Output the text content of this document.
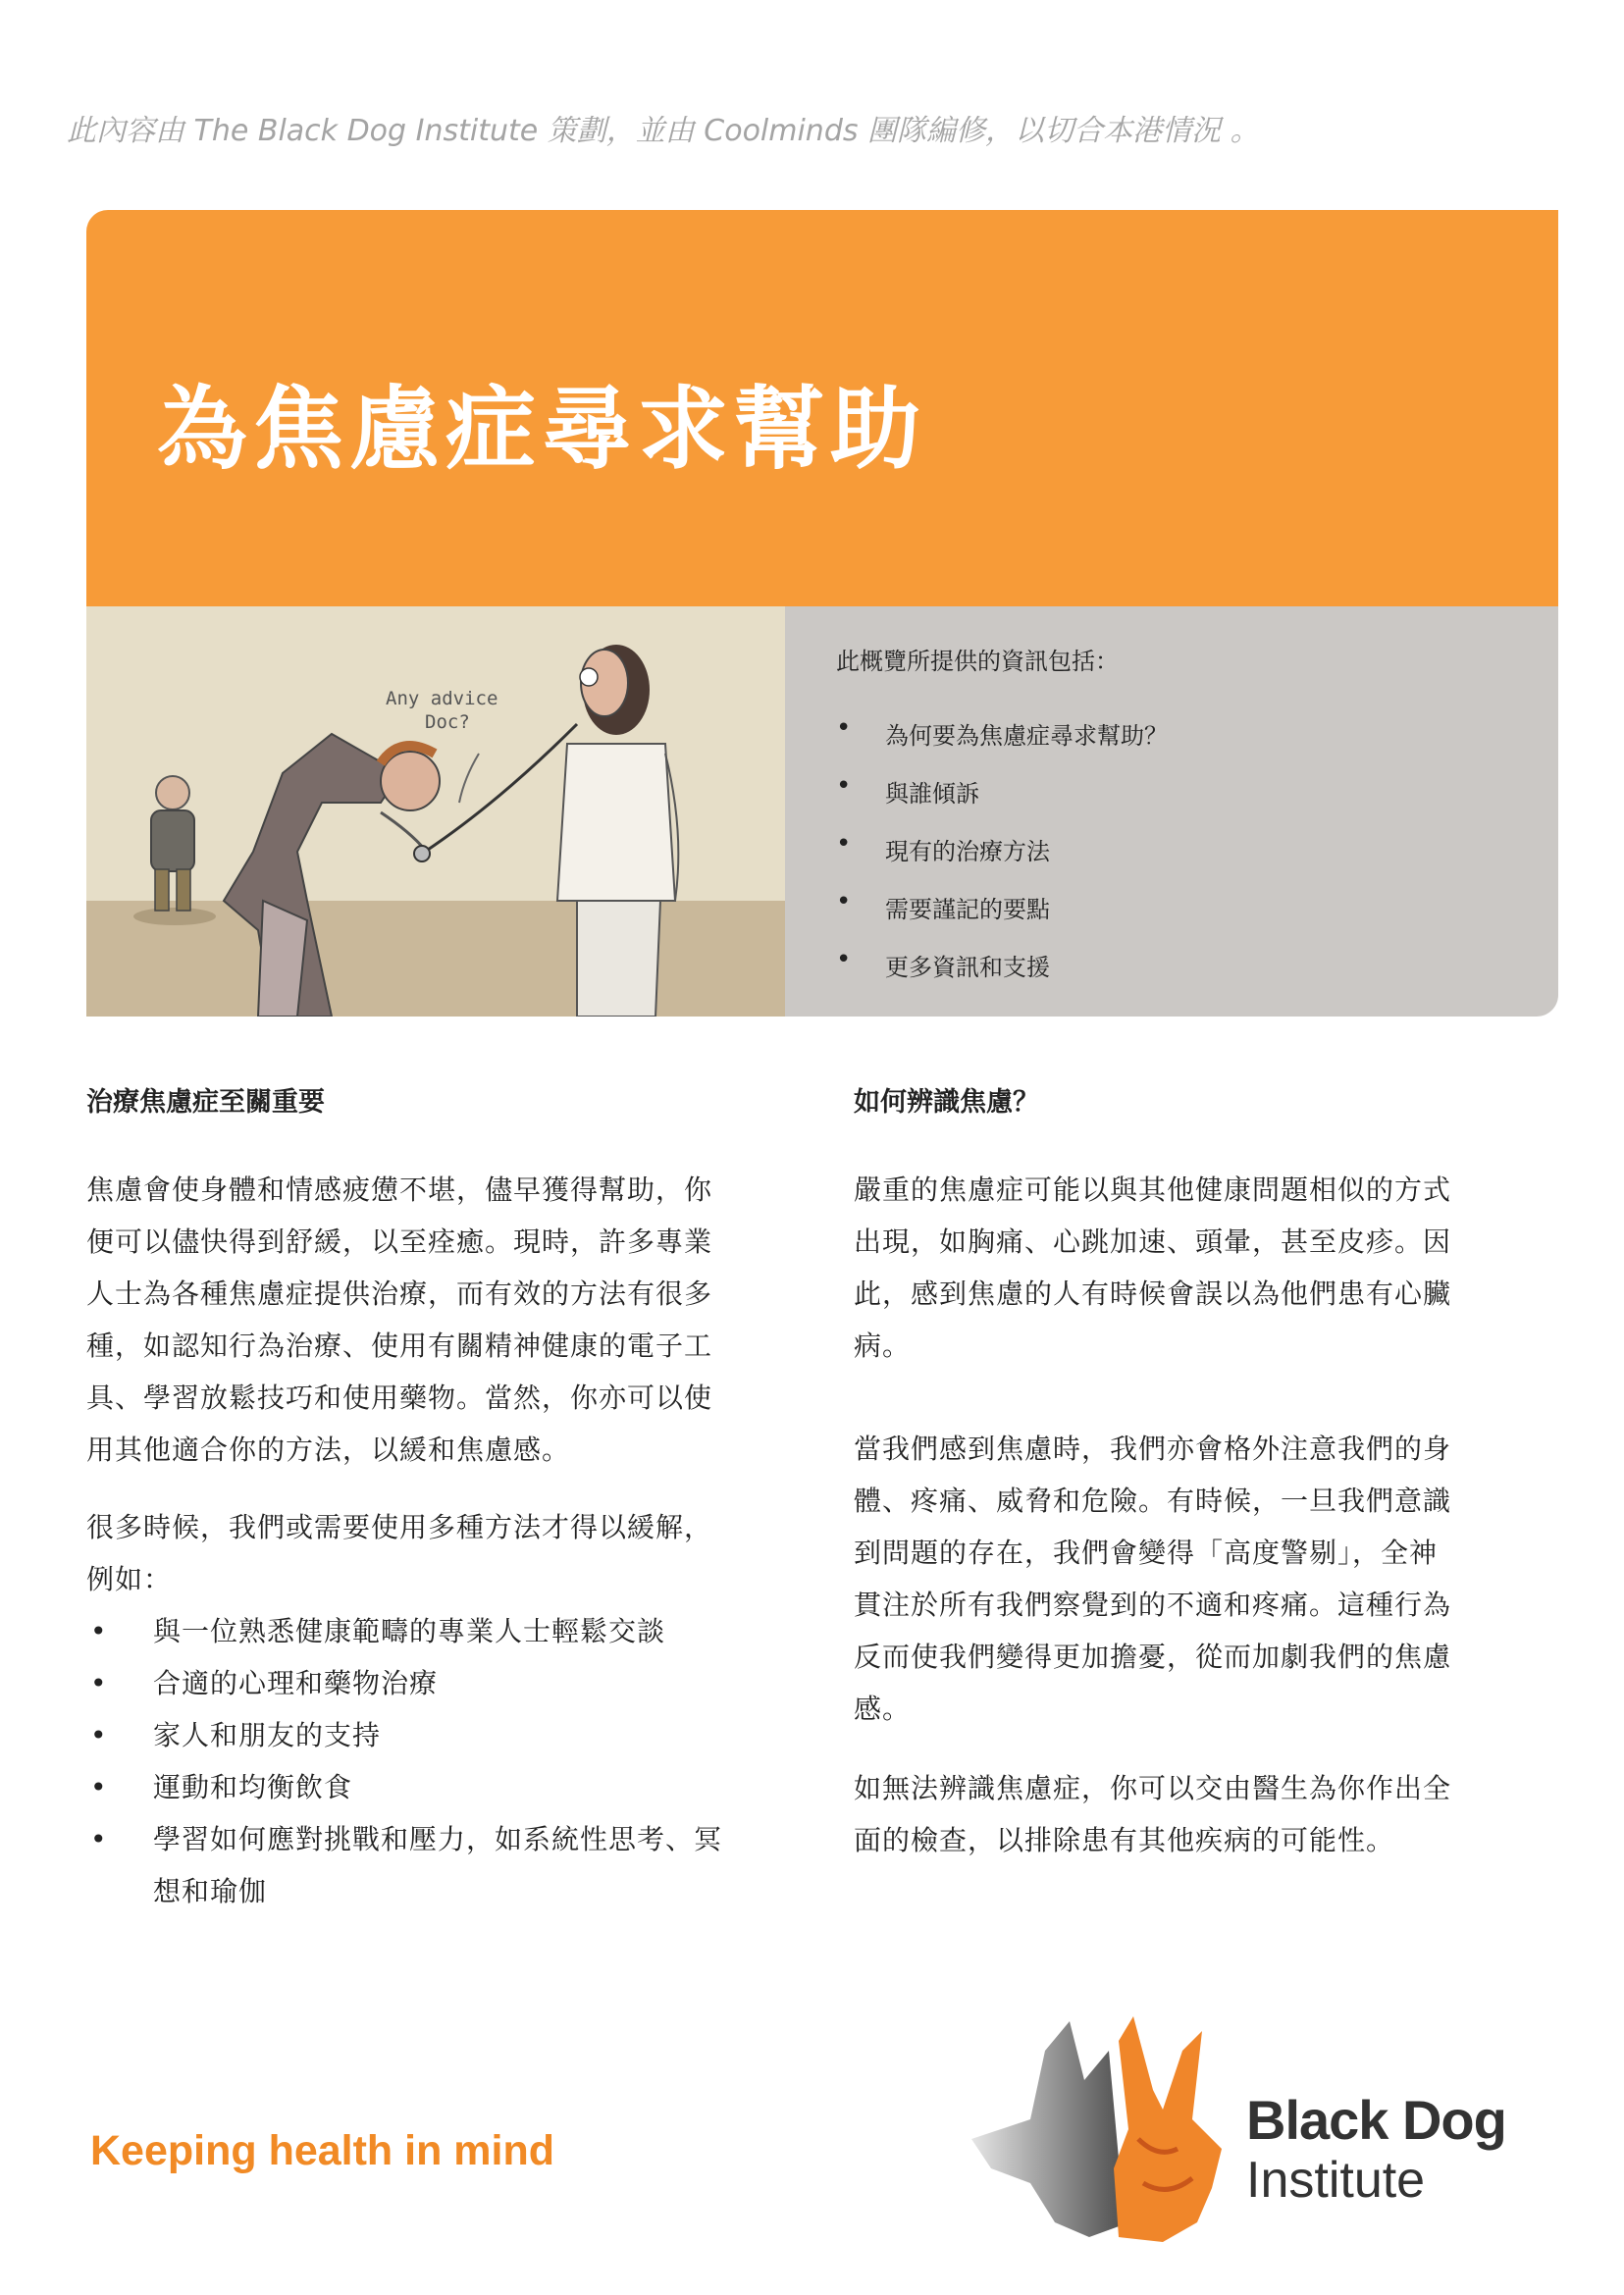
此內容由 The Black Dog Institute 策劃，並由 Coolminds 團隊編修，以切合本港情況 。
為焦慮症尋求幫助
Any advice
Doc?
此概覽所提供的資訊包括：
• 為何要為焦慮症尋求幫助？
• 與誰傾訴
• 現有的治療方法
• 需要謹記的要點
• 更多資訊和支援
治療焦慮症至關重要

焦慮會使身體和情感疲憊不堪，儘早獲得幫助，你
便可以儘快得到舒緩，以至痊癒。現時，許多專業
人士為各種焦慮症提供治療，而有效的方法有很多
種，如認知行為治療、使用有關精神健康的電子工
具、學習放鬆技巧和使用藥物。當然，你亦可以使
用其他適合你的方法，以緩和焦慮感。

很多時候，我們或需要使用多種方法才得以緩解，
例如：

• 與一位熟悉健康範疇的專業人士輕鬆交談
• 合適的心理和藥物治療
• 家人和朋友的支持
• 運動和均衡飲食
• 學習如何應對挑戰和壓力，如系統性思考、冥
想和瑜伽
如何辨識焦慮？

嚴重的焦慮症可能以與其他健康問題相似的方式
出現，如胸痛、心跳加速、頭暈，甚至皮疹。因
此，感到焦慮的人有時候會誤以為他們患有心臟
病。

當我們感到焦慮時，我們亦會格外注意我們的身
體、疼痛、威脅和危險。有時候，一旦我們意識
到問題的存在，我們會變得「高度警剔」，全神
貫注於所有我們察覺到的不適和疼痛。這種行為
反而使我們變得更加擔憂，從而加劇我們的焦慮
感。

如無法辨識焦慮症，你可以交由醫生為你作出全
面的檢查，以排除患有其他疾病的可能性。

Keeping health in mind	Black Dog
Institute
